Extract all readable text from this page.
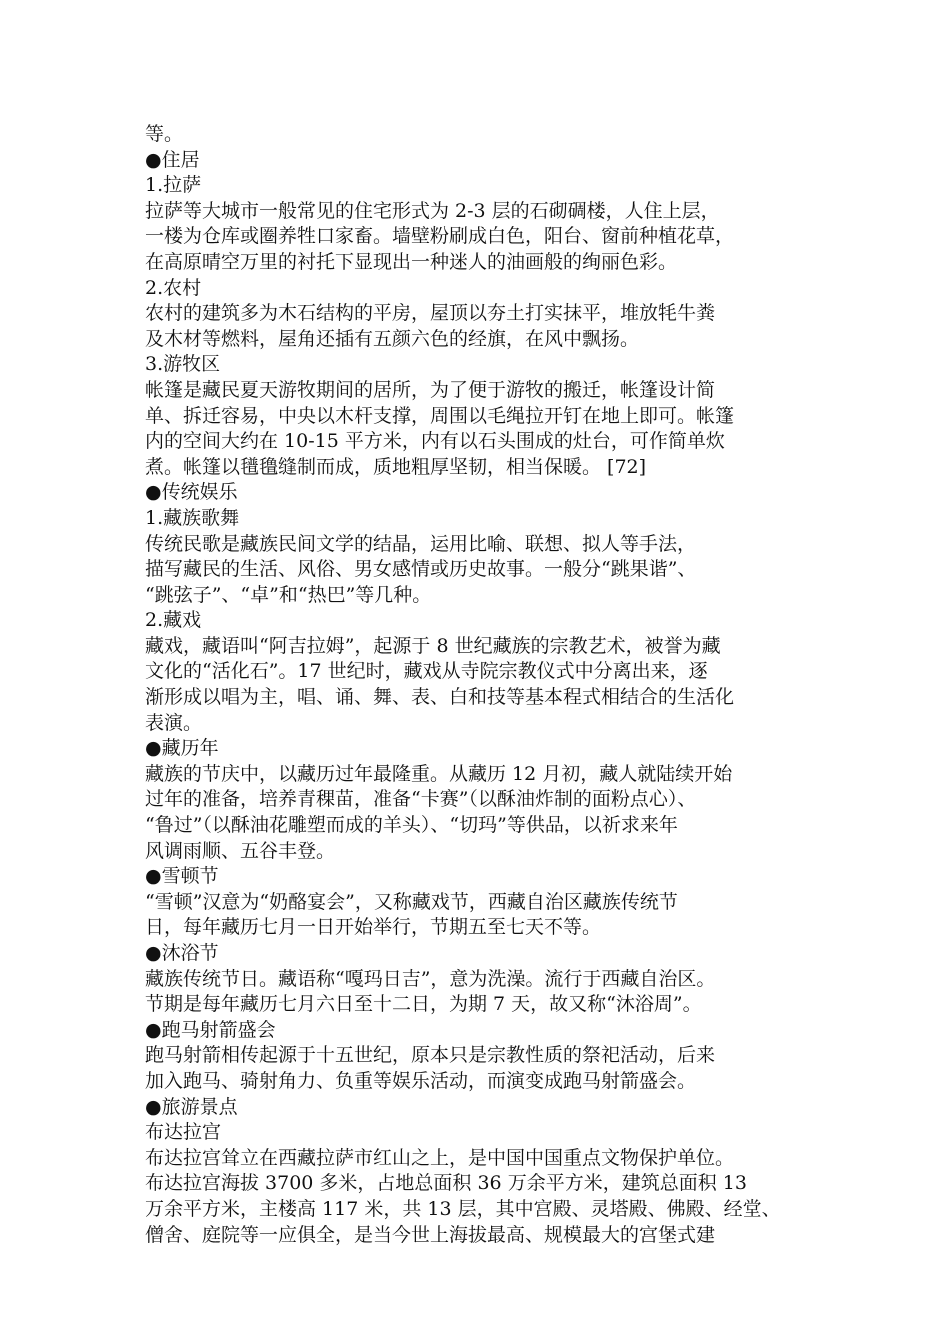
等。
●住居
1.拉萨
拉萨等大城市一般常见的住宅形式为 2-3 层的石砌碉楼，人住上层，
一楼为仓库或圈养牲口家畜。墙壁粉刷成白色，阳台、窗前种植花草，
在高原晴空万里的衬托下显现出一种迷人的油画般的绚丽色彩。
2.农村
农村的建筑多为木石结构的平房，屋顶以夯土打实抹平，堆放牦牛粪
及木材等燃料，屋角还插有五颜六色的经旗，在风中飘扬。
3.游牧区
帐篷是藏民夏天游牧期间的居所，为了便于游牧的搬迁，帐篷设计简
单、拆迁容易，中央以木杆支撑，周围以毛绳拉开钉在地上即可。帐篷
内的空间大约在 10-15 平方米，内有以石头围成的灶台，可作简单炊
煮。帐篷以氆氇缝制而成，质地粗厚坚韧，相当保暖。 [72]
●传统娱乐
1.藏族歌舞
传统民歌是藏族民间文学的结晶，运用比喻、联想、拟人等手法，
描写藏民的生活、风俗、男女感情或历史故事。一般分“跳果谐”、
“跳弦子”、“卓”和“热巴”等几种。
2.藏戏
藏戏，藏语叫“阿吉拉姆”，起源于 8 世纪藏族的宗教艺术，被誉为藏
文化的“活化石”。17 世纪时，藏戏从寺院宗教仪式中分离出来，逐
渐形成以唱为主，唱、诵、舞、表、白和技等基本程式相结合的生活化
表演。
●藏历年
藏族的节庆中，以藏历过年最隆重。从藏历 12 月初，藏人就陆续开始
过年的准备，培养青稞苗，准备“卡赛”（以酥油炸制的面粉点心）、
“鲁过”（以酥油花雕塑而成的羊头）、“切玛”等供品，以祈求来年
风调雨顺、五谷丰登。
●雪顿节
“雪顿”汉意为“奶酪宴会”，又称藏戏节，西藏自治区藏族传统节
日，每年藏历七月一日开始举行，节期五至七天不等。
●沐浴节
藏族传统节日。藏语称“嘎玛日吉”，意为洗澡。流行于西藏自治区。
节期是每年藏历七月六日至十二日，为期 7 天，故又称“沐浴周”。
●跑马射箭盛会
跑马射箭相传起源于十五世纪，原本只是宗教性质的祭祀活动，后来
加入跑马、骑射角力、负重等娱乐活动，而演变成跑马射箭盛会。
●旅游景点
布达拉宫
布达拉宫耸立在西藏拉萨市红山之上，是中国中国重点文物保护单位。
布达拉宫海拔 3700 多米，占地总面积 36 万余平方米，建筑总面积 13
万余平方米，主楼高 117 米，共 13 层，其中宫殿、灵塔殿、佛殿、经堂、
僧舍、庭院等一应俱全，是当今世上海拔最高、规模最大的宫堡式建
